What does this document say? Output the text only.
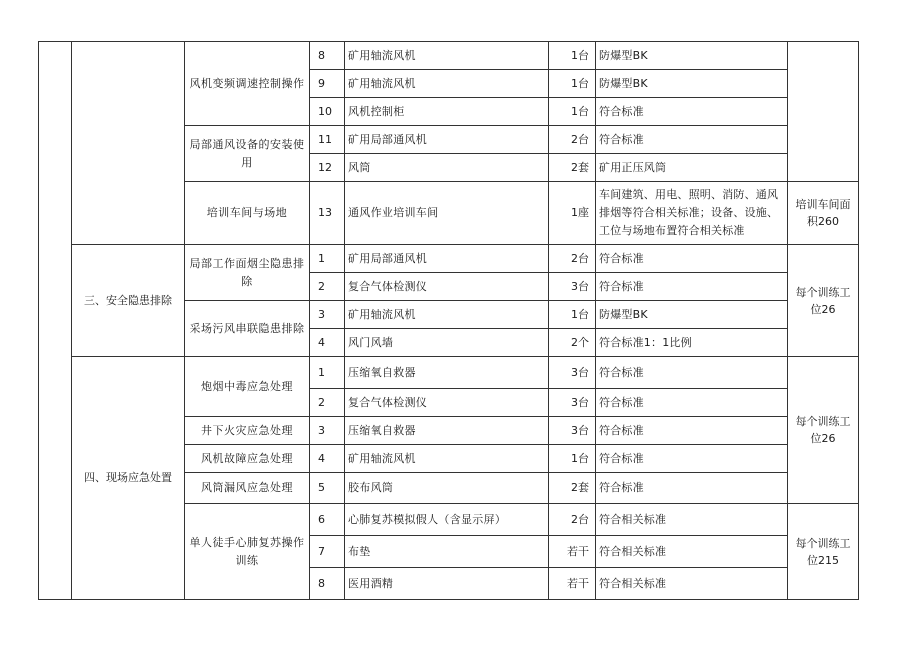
		风机变频调速控制操作	8	矿用轴流风机	1台	防爆型BK	
			9	矿用轴流风机	1台	防爆型BK	
			10	风机控制柜	1台	符合标准	
		局部通风设备的安装使用	11	矿用局部通风机	2台	符合标准	
			12	风筒	2套	矿用正压风筒	
		培训车间与场地	13	通风作业培训车间	1座	车间建筑、用电、照明、消防、通风排烟等符合相关标准；设备、设施、工位与场地布置符合相关标准	培训车间面积260
	三、安全隐患排除	局部工作面烟尘隐患排除	1	矿用局部通风机	2台	符合标准	每个训练工位26
			2	复合气体检测仪	3台	符合标准	
		采场污风串联隐患排除	3	矿用轴流风机	1台	防爆型BK	
			4	风门风墙	2个	符合标准1：1比例	
	四、现场应急处置	炮烟中毒应急处理	1	压缩氧自救器	3台	符合标准	每个训练工位26
			2	复合气体检测仪	3台	符合标准	
		井下火灾应急处理	3	压缩氧自救器	3台	符合标准	
		风机故障应急处理	4	矿用轴流风机	1台	符合标准	
		风筒漏风应急处理	5	胶布风筒	2套	符合标准	
		单人徒手心肺复苏操作训练	6	心肺复苏模拟假人（含显示屏）	2台	符合相关标准	每个训练工位215
			7	布垫	若干	符合相关标准	
			8	医用酒精	若干	符合相关标准	
